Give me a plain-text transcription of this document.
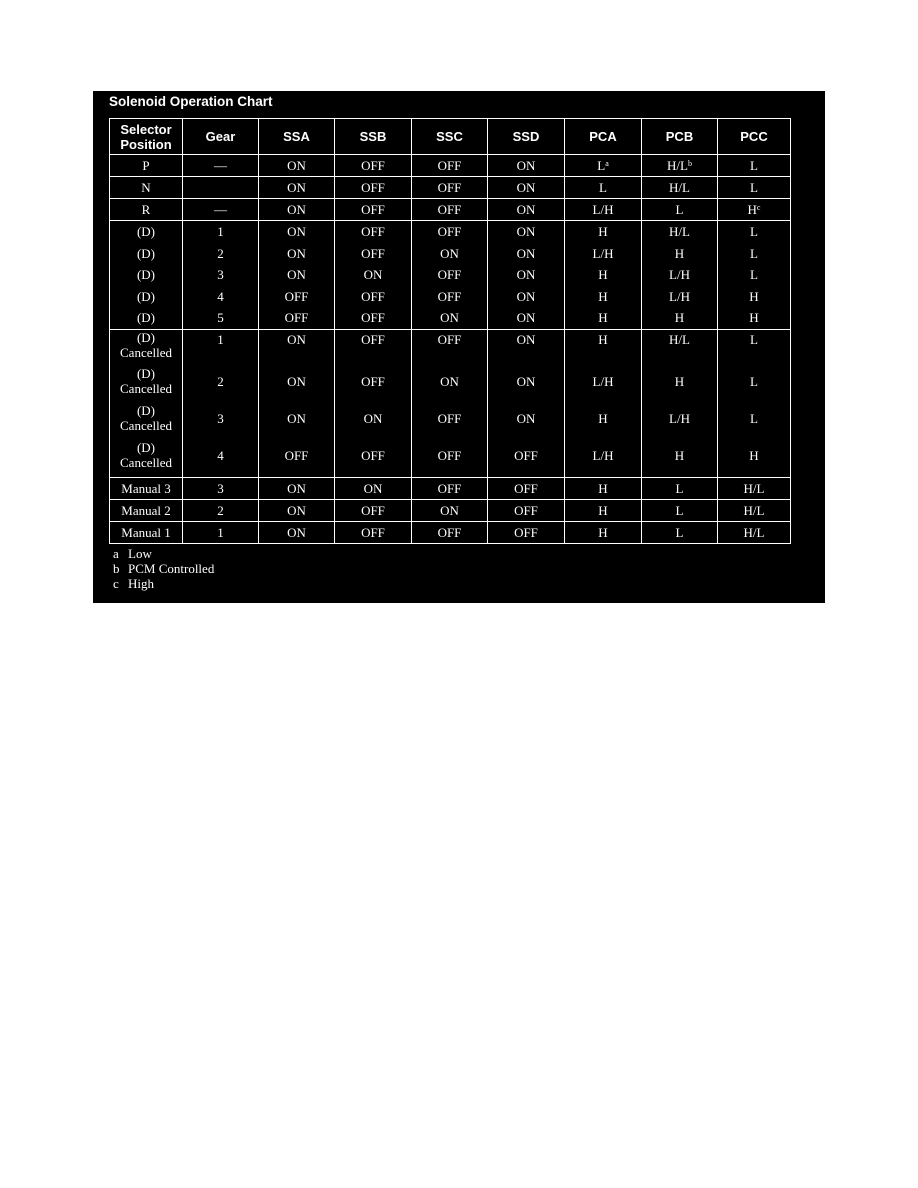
Solenoid Operation Chart
Selector
Position	Gear	SSA	SSB	SSC	SSD	PCA	PCB	PCC
P	—	ON	OFF	OFF	ON	$L^a$	$H/L^b$	L
N		ON	OFF	OFF	ON	L	H/L	L
R	—	ON	OFF	OFF	ON	L/H	L	$H^c$
(D)	1	ON	OFF	OFF	ON	H	H/L	L
(D)	2	ON	OFF	ON	ON	L/H	H	L
(D)	3	ON	ON	OFF	ON	H	L/H	L
(D)	4	OFF	OFF	OFF	ON	H	L/H	H
(D)	5	OFF	OFF	ON	ON	H	H	H
(D)
Cancelled	1	ON	OFF	OFF	ON	H	H/L	L
(D)
Cancelled	2	ON	OFF	ON	ON	L/H	H	L
(D)
Cancelled	3	ON	ON	OFF	ON	H	L/H	L
(D)
Cancelled	4	OFF	OFF	OFF	OFF	L/H	H	H
Manual 3	3	ON	ON	OFF	OFF	H	L	H/L
Manual 2	2	ON	OFF	ON	OFF	H	L	H/L
Manual 1	1	ON	OFF	OFF	OFF	H	L	H/L
a Low
b PCM Controlled
c High
